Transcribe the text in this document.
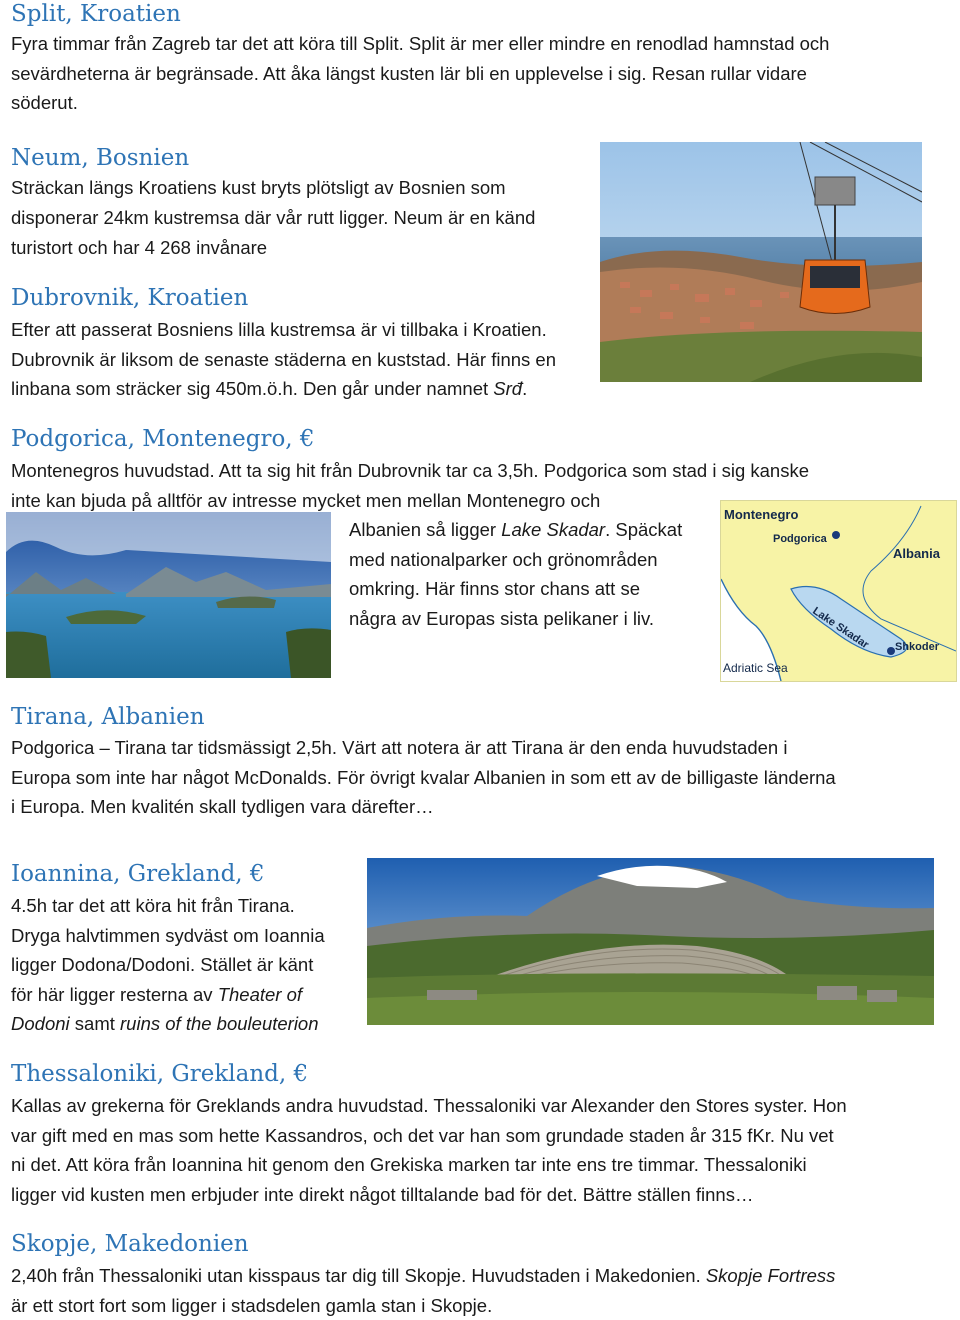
Split, Kroatien
Fyra timmar från Zagreb tar det att köra till Split. Split är mer eller mindre en renodlad hamnstad och
sevärdheterna är begränsade. Att åka längst kusten lär bli en upplevelse i sig. Resan rullar vidare
söderut.
Neum, Bosnien
Sträckan längs Kroatiens kust bryts plötsligt av Bosnien som
disponerar 24km kustremsa där vår rutt ligger. Neum är en känd
turistort och har 4 268 invånare
Dubrovnik, Kroatien
Efter att passerat Bosniens lilla kustremsa är vi tillbaka i Kroatien.
Dubrovnik är liksom de senaste städerna en kuststad. Här finns en
linbana som sträcker sig 450m.ö.h. Den går under namnet Srđ.
Podgorica, Montenegro, €
Montenegros huvudstad. Att ta sig hit från Dubrovnik tar ca 3,5h. Podgorica som stad i sig kanske
inte kan bjuda på alltför av intresse mycket men mellan Montenegro och
Albanien så ligger Lake Skadar. Späckat
med nationalparker och grönområden
omkring. Här finns stor chans att se
några av Europas sista pelikaner i liv.
Montenegro
Podgorica
Albania
Lake Skadar Shkoder
Adriatic Sea
Tirana, Albanien
Podgorica – Tirana tar tidsmässigt 2,5h. Värt att notera är att Tirana är den enda huvudstaden i
Europa som inte har något McDonalds. För övrigt kvalar Albanien in som ett av de billigaste länderna
i Europa. Men kvalitén skall tydligen vara därefter…
Ioannina, Grekland, €
4.5h tar det att köra hit från Tirana.
Dryga halvtimmen sydväst om Ioannia
ligger Dodona/Dodoni. Stället är känt
för här ligger resterna av Theater of
Dodoni samt ruins of the bouleuterion
Thessaloniki, Grekland, €
Kallas av grekerna för Greklands andra huvudstad. Thessaloniki var Alexander den Stores syster. Hon
var gift med en mas som hette Kassandros, och det var han som grundade staden år 315 fKr. Nu vet
ni det. Att köra från Ioannina hit genom den Grekiska marken tar inte ens tre timmar. Thessaloniki
ligger vid kusten men erbjuder inte direkt något tilltalande bad för det. Bättre ställen finns…
Skopje, Makedonien
2,40h från Thessaloniki utan kisspaus tar dig till Skopje. Huvudstaden i Makedonien. Skopje Fortress
är ett stort fort som ligger i stadsdelen gamla stan i Skopje.
